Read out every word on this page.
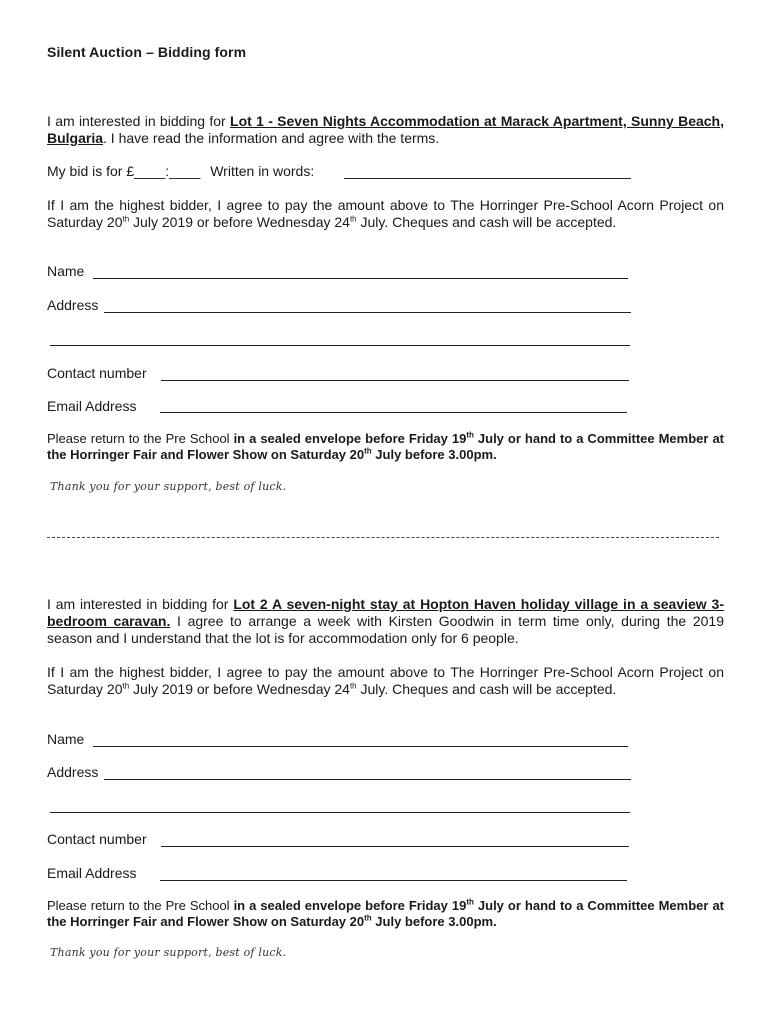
Silent Auction – Bidding form
I am interested in bidding for Lot 1 - Seven Nights Accommodation at Marack Apartment, Sunny Beach, Bulgaria. I have read the information and agree with the terms.
My bid is for £____:____ Written in words:
If I am the highest bidder, I agree to pay the amount above to The Horringer Pre-School Acorn Project on Saturday 20th July 2019 or before Wednesday 24th July. Cheques and cash will be accepted.
Name
Address
Contact number
Email Address
Please return to the Pre School in a sealed envelope before Friday 19th July or hand to a Committee Member at the Horringer Fair and Flower Show on Saturday 20th July before 3.00pm.
Thank you for your support, best of luck.
I am interested in bidding for Lot 2 A seven-night stay at Hopton Haven holiday village in a seaview 3-bedroom caravan. I agree to arrange a week with Kirsten Goodwin in term time only, during the 2019 season and I understand that the lot is for accommodation only for 6 people.
If I am the highest bidder, I agree to pay the amount above to The Horringer Pre-School Acorn Project on Saturday 20th July 2019 or before Wednesday 24th July. Cheques and cash will be accepted.
Name
Address
Contact number
Email Address
Please return to the Pre School in a sealed envelope before Friday 19th July or hand to a Committee Member at the Horringer Fair and Flower Show on Saturday 20th July before 3.00pm.
Thank you for your support, best of luck.
